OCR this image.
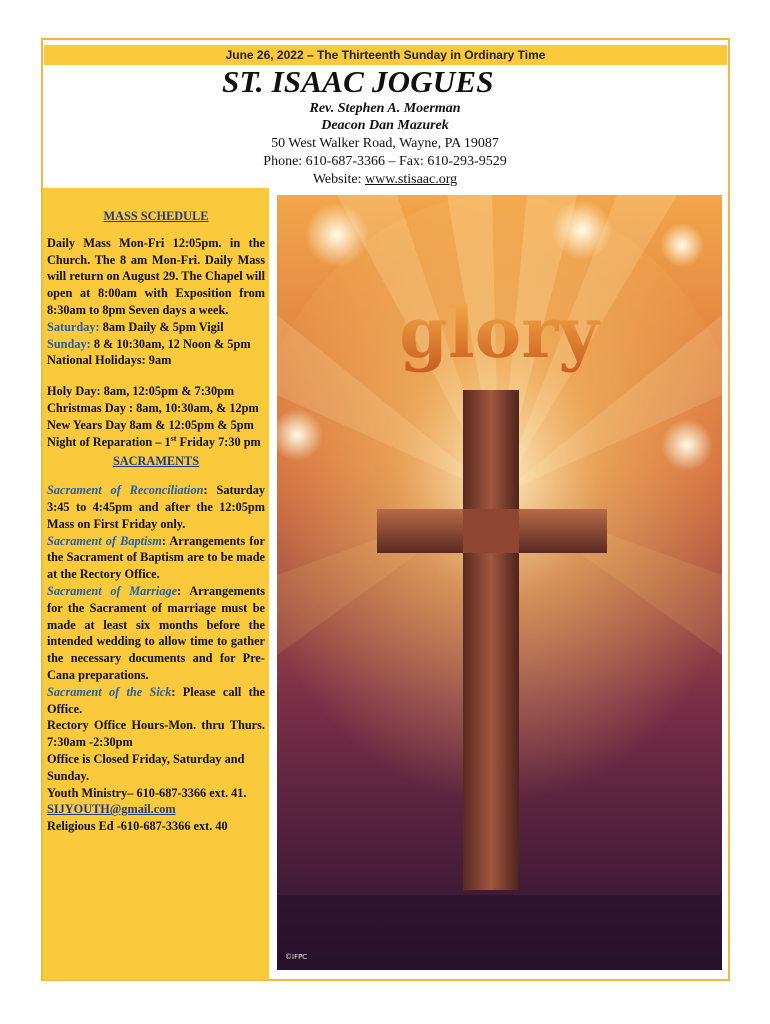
June 26, 2022 – The Thirteenth Sunday in Ordinary Time
ST. ISAAC JOGUES
Rev. Stephen A. Moerman
Deacon Dan Mazurek
50 West Walker Road, Wayne, PA 19087
Phone: 610-687-3366 – Fax: 610-293-9529
Website: www.stisaac.org
MASS SCHEDULE

Daily Mass Mon-Fri 12:05pm. in the Church. The 8 am Mon-Fri. Daily Mass will return on August 29. The Chapel will open at 8:00am with Exposition from 8:30am to 8pm Seven days a week.

Saturday: 8am Daily & 5pm Vigil

Sunday: 8 & 10:30am, 12 Noon & 5pm

National Holidays: 9am

Holy Day: 8am, 12:05pm & 7:30pm

Christmas Day : 8am, 10:30am, & 12pm

New Years Day 8am & 12:05pm & 5pm

Night of Reparation – 1st Friday 7:30 pm

SACRAMENTS

Sacrament of Reconciliation: Saturday 3:45 to 4:45pm and after the 12:05pm Mass on First Friday only.

Sacrament of Baptism: Arrangements for the Sacrament of Baptism are to be made at the Rectory Office.

Sacrament of Marriage: Arrangements for the Sacrament of marriage must be made at least six months before the intended wedding to allow time to gather the necessary documents and for Pre-Cana preparations.

Sacrament of the Sick: Please call the Office.

Rectory Office Hours-Mon. thru Thurs. 7:30am -2:30pm

Office is Closed Friday, Saturday and Sunday.

Youth Ministry– 610-687-3366 ext. 41.

SIJYOUTH@gmail.com

Religious Ed -610-687-3366 ext. 40

glory
©IFPC
